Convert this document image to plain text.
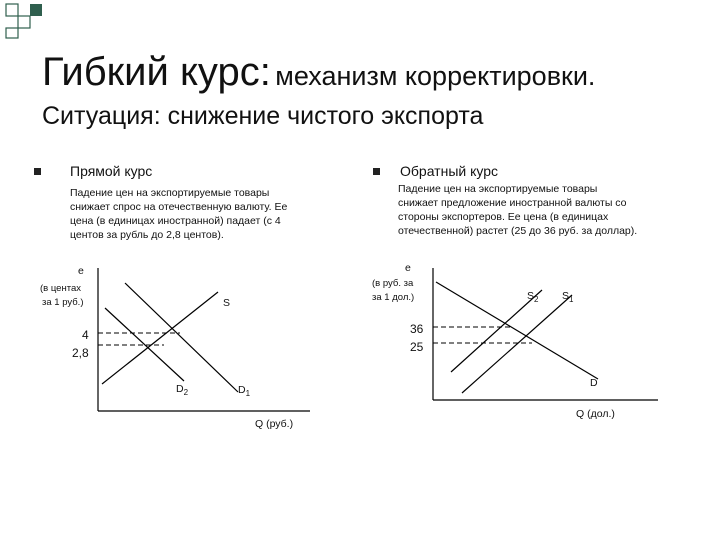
Гибкий курс: механизм корректировки.
Ситуация: снижение чистого экспорта
Прямой курс
Падение цен на экспортируемые товары
снижает спрос на отечественную валюту. Ее
цена (в единицах иностранной) падает (с 4
центов за рубль до 2,8 центов).
Обратный курс
Падение цен на экспортируемые товары
снижает предложение иностранной валюты со
стороны экспортеров. Ее цена (в единицах
отечественной) растет (25 до 36 руб. за доллар).
e
(в центах
за 1 руб.)	S
4
2,8
$D_2$	$D_1$
Q (руб.)
e
(в руб. за
за 1 дол.)	$S_2$ $S_1$
36
25
D
Q (дол.)
